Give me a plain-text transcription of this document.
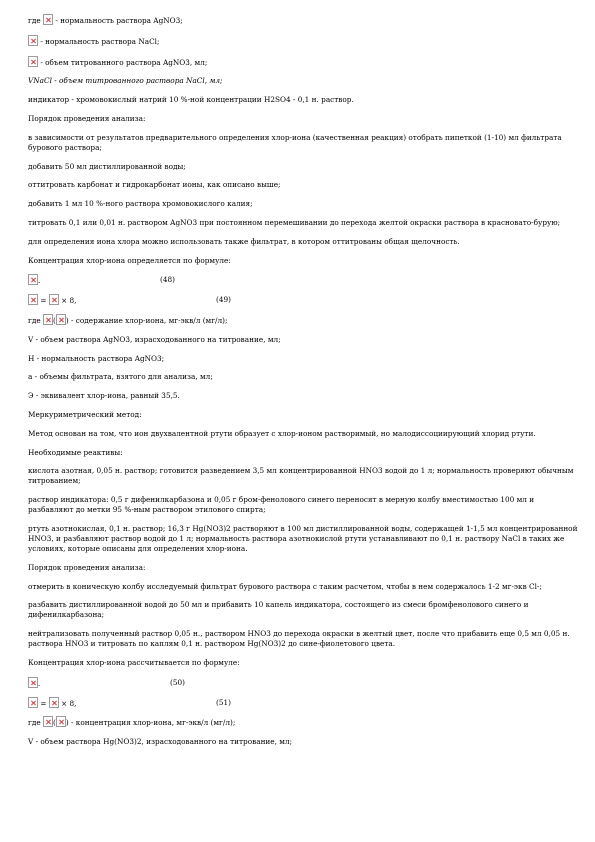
где - нормальность раствора AgNO3;

- нормальность раствора NaCl;

- объем титрованного раствора AgNO3, мл;

VNaCl - объем титрованного раствора NaCl, мл;

индикатор - хромовокислый натрий 10 %-ной концентрации H2SO4 - 0,1 н. раствор.

Порядок проведения анализа:

в зависимости от результатов предварительного определения хлор-иона (качественная реакция) отобрать пипеткой (1-10) мл фильтрата бурового раствора;

добавить 50 мл дистиллированной воды;

оттитровать карбонат и гидрокарбонат ионы, как описано выше;

добавить 1 мл 10 %-ного раствора хромовокислого калия;

титровать 0,1 или 0,01 н. раствором AgNO3 при постоянном перемешивании до перехода желтой окраски раствора в красновато-бурую;

для определения иона хлора можно использовать также фильтрат, в котором оттитрованы общая щелочность.

Концентрация хлор-иона определяется по формуле:

.	(48)
= × 8,	(49)

где ( ) - содержание хлор-иона, мг-экв/л (мг/л);

V - объем раствора AgNO3, израсходованного на титрование, мл;

H - нормальность раствора AgNO3;

a - объемы фильтрата, взятого для анализа, мл;

Э - эквивалент хлор-иона, равный 35,5.

Меркуриметрический метод:

Метод основан на том, что ион двухвалентной ртути образует с хлор-ионом растворимый, но малодиссоциирующий хлорид ртути.

Необходимые реактивы:

кислота азотная, 0,05 н. раствор; готовится разведением 3,5 мл концентрированной HNO3 водой до 1 л; нормальность проверяют обычным титрованием;

раствор индикатора: 0,5 г дифенилкарбазона и 0,05 г бром-фенолового синего переносят в мерную колбу вместимостью 100 мл и разбавляют до метки 95 %-ным раствором этилового спирта;

ртуть азотнокислая, 0,1 н. раствор; 16,3 г Hg(NO3)2 растворяют в 100 мл дистиллированной воды, содержащей 1-1,5 мл концентрированной HNO3, и разбавляют раствор водой до 1 л; нормальность раствора азотнокислой ртути устанавливают по 0,1 н. раствору NaCl в таких же условиях, которые описаны для определения хлор-иона.

Порядок проведения анализа:

отмерить в коническую колбу исследуемый фильтрат бурового раствора с таким расчетом, чтобы в нем содержалось 1-2 мг-экв Cl-;

разбавить дистиллированной водой до 50 мл и прибавить 10 капель индикатора, состоящего из смеси бромфенолового синего и дифенилкарбазона;

нейтрализовать полученный раствор 0,05 н., раствором HNO3 до перехода окраски в желтый цвет, после что прибавить еще 0,5 мл 0,05 н. раствора HNO3 и титровать по каплям 0,1 н. раствором Hg(NO3)2 до сине-фиолетового цвета.

Концентрация хлор-иона рассчитывается по формуле:

.	(50)
= × 8,	(51)

где ( ) - концентрация хлор-иона, мг-экв/л (мг/л);

V - объем раствора Hg(NO3)2, израсходованного на титрование, мл;
